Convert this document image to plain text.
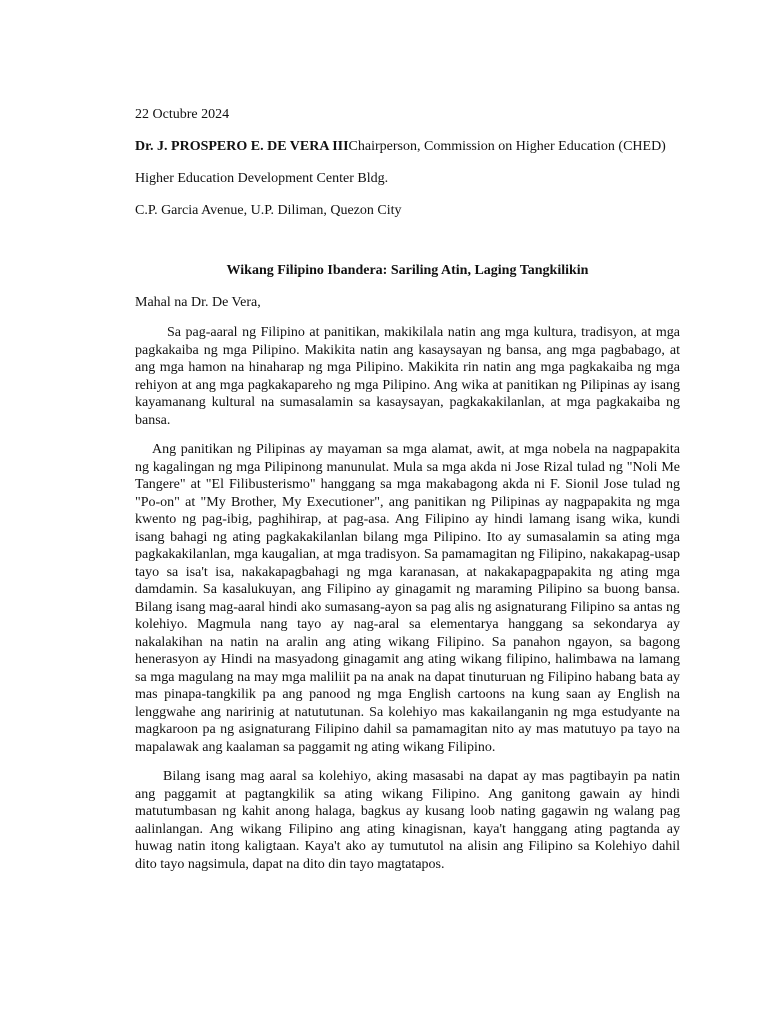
22 Octubre 2024

Dr. J. PROSPERO E. DE VERA IIIChairperson, Commission on Higher Education (CHED)

Higher Education Development Center Bldg.

C.P. Garcia Avenue, U.P. Diliman, Quezon City

Wikang Filipino Ibandera: Sariling Atin, Laging Tangkilikin

Mahal na Dr. De Vera,

Sa pag-aaral ng Filipino at panitikan, makikilala natin ang mga kultura, tradisyon, at mga pagkakaiba ng mga Pilipino. Makikita natin ang kasaysayan ng bansa, ang mga pagbabago, at ang mga hamon na hinaharap ng mga Pilipino. Makikita rin natin ang mga pagkakaiba ng mga rehiyon at ang mga pagkakapareho ng mga Pilipino. Ang wika at panitikan ng Pilipinas ay isang kayamanang kultural na sumasalamin sa kasaysayan, pagkakakilanlan, at mga pagkakaiba ng bansa.

Ang panitikan ng Pilipinas ay mayaman sa mga alamat, awit, at mga nobela na nagpapakita ng kagalingan ng mga Pilipinong manunulat. Mula sa mga akda ni Jose Rizal tulad ng "Noli Me Tangere" at "El Filibusterismo" hanggang sa mga makabagong akda ni F. Sionil Jose tulad ng "Po-on" at "My Brother, My Executioner", ang panitikan ng Pilipinas ay nagpapakita ng mga kwento ng pag-ibig, paghihirap, at pag-asa. Ang Filipino ay hindi lamang isang wika, kundi isang bahagi ng ating pagkakakilanlan bilang mga Pilipino. Ito ay sumasalamin sa ating mga pagkakakilanlan, mga kaugalian, at mga tradisyon. Sa pamamagitan ng Filipino, nakakapag-usap tayo sa isa't isa, nakakapagbahagi ng mga karanasan, at nakakapagpapakita ng ating mga damdamin. Sa kasalukuyan, ang Filipino ay ginagamit ng maraming Pilipino sa buong bansa. Bilang isang mag-aaral hindi ako sumasang-ayon sa pag alis ng asignaturang Filipino sa antas ng kolehiyo. Magmula nang tayo ay nag-aral sa elementarya hanggang sa sekondarya ay nakalakihan na natin na aralin ang ating wikang Filipino. Sa panahon ngayon, sa bagong henerasyon ay Hindi na masyadong ginagamit ang ating wikang filipino, halimbawa na lamang sa mga magulang na may mga maliliit pa na anak na dapat tinuturuan ng Filipino habang bata ay mas pinapa-tangkilik pa ang panood ng mga English cartoons na kung saan ay English na lenggwahe ang naririnig at natututunan. Sa kolehiyo mas kakailanganin ng mga estudyante na magkaroon pa ng asignaturang Filipino dahil sa pamamagitan nito ay mas matutuyo pa tayo na mapalawak ang kaalaman sa paggamit ng ating wikang Filipino.

Bilang isang mag aaral sa kolehiyo, aking masasabi na dapat ay mas pagtibayin pa natin ang paggamit at pagtangkilik sa ating wikang Filipino. Ang ganitong gawain ay hindi matutumbasan ng kahit anong halaga, bagkus ay kusang loob nating gagawin ng walang pag aalinlangan. Ang wikang Filipino ang ating kinagisnan, kaya't hanggang ating pagtanda ay huwag natin itong kaligtaan. Kaya't ako ay tumututol na alisin ang Filipino sa Kolehiyo dahil dito tayo nagsimula, dapat na dito din tayo magtatapos.
